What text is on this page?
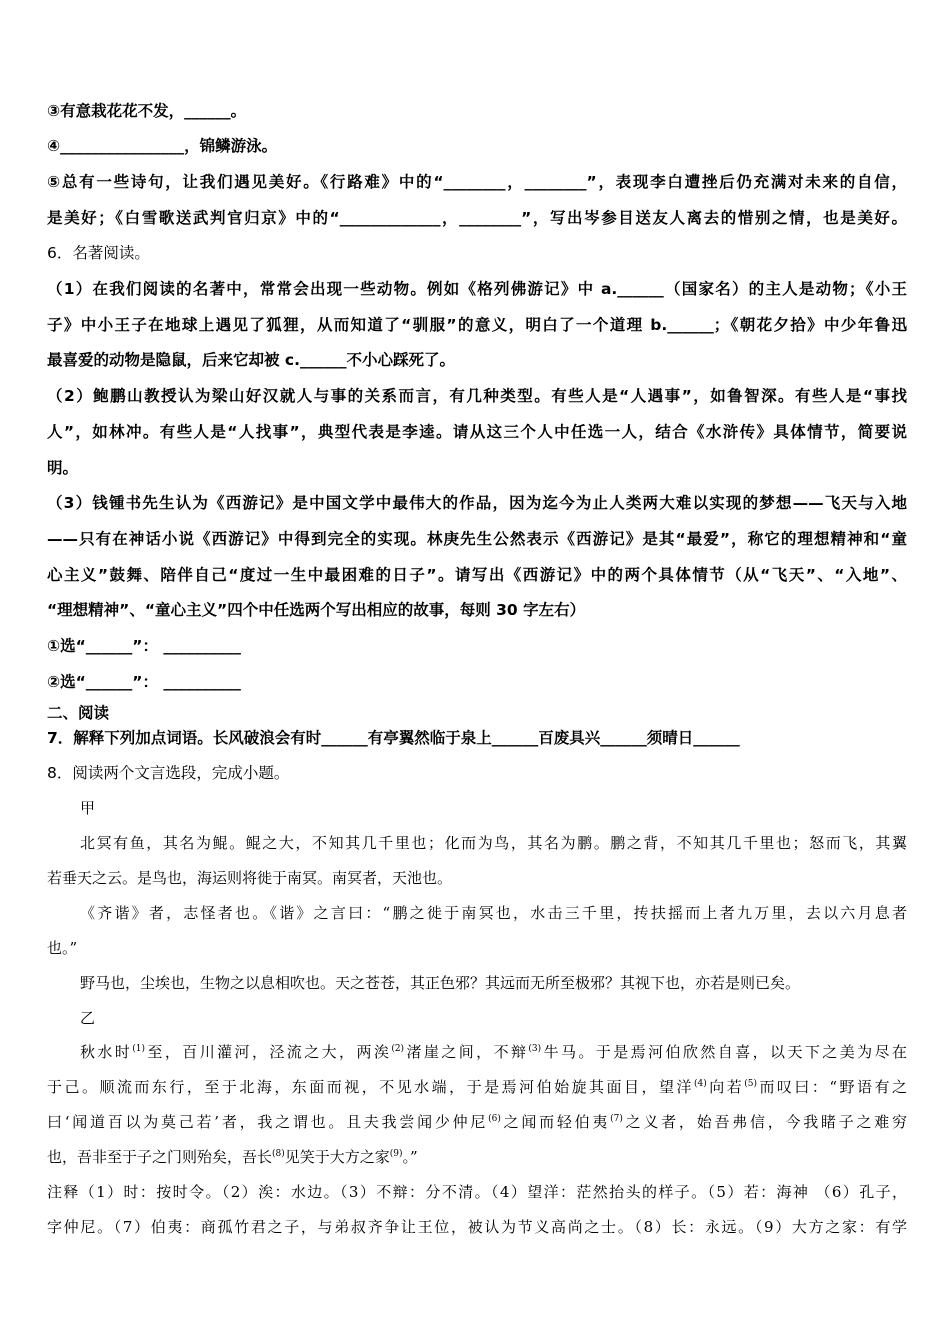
③有意栽花花不发，______。
④________________，锦鳞游泳。
⑤总有一些诗句，让我们遇见美好。《行路难》中的“________，________”，表现李白遭挫后仍充满对未来的自信，
是美好；《白雪歌送武判官归京》中的“_____________，________”，写出岑参目送友人离去的惜别之情，也是美好。
6．名著阅读。
（1）在我们阅读的名著中，常常会出现一些动物。例如《格列佛游记》中 a.______（国家名）的主人是动物；《小王
子》中小王子在地球上遇见了狐狸，从而知道了“驯服”的意义，明白了一个道理 b.______；《朝花夕拾》中少年鲁迅
最喜爱的动物是隐鼠，后来它却被 c.______不小心踩死了。
（2）鲍鹏山教授认为梁山好汉就人与事的关系而言，有几种类型。有些人是“人遇事”，如鲁智深。有些人是“事找
人”，如林冲。有些人是“人找事”，典型代表是李逵。请从这三个人中任选一人，结合《水浒传》具体情节，简要说
明。
（3）钱锺书先生认为《西游记》是中国文学中最伟大的作品，因为迄今为止人类两大难以实现的梦想——飞天与入地
——只有在神话小说《西游记》中得到完全的实现。林庚先生公然表示《西游记》是其“最爱”，称它的理想精神和“童
心主义”鼓舞、陪伴自己“度过一生中最困难的日子”。请写出《西游记》中的两个具体情节（从“飞天”、“入地”、
“理想精神”、“童心主义”四个中任选两个写出相应的故事，每则 30 字左右）
①选“______”： __________
②选“______”： __________
二、阅读
7．解释下列加点词语。长风破浪会有时______有亭翼然临于泉上______百废具兴______须晴日______
8．阅读两个文言选段，完成小题。
甲
北冥有鱼，其名为鲲。鲲之大，不知其几千里也；化而为鸟，其名为鹏。鹏之背，不知其几千里也；怒而飞，其翼
若垂天之云。是鸟也，海运则将徙于南冥。南冥者，天池也。
《齐谐》者，志怪者也。《谐》之言曰：“鹏之徙于南冥也，水击三千里，抟扶摇而上者九万里，去以六月息者
也。”
野马也，尘埃也，生物之以息相吹也。天之苍苍，其正色邪？其远而无所至极邪？其视下也，亦若是则已矣。
乙
秋水时$^{(1)}$至，百川灌河，泾流之大，两涘$^{(2)}$渚崖之间，不辩$^{(3)}$牛马。于是焉河伯欣然自喜，以天下之美为尽在
于己。顺流而东行，至于北海，东面而视，不见水端，于是焉河伯始旋其面目，望洋$^{(4)}$向若$^{(5)}$而叹曰：“野语有之
曰‘闻道百以为莫己若’者，我之谓也。且夫我尝闻少仲尼$^{(6)}$之闻而轻伯夷$^{(7)}$之义者，始吾弗信，今我睹子之难穷
也，吾非至于子之门则殆矣，吾长$^{(8)}$见笑于大方之家$^{(9)}$。”
注释（1）时：按时令。（2）涘：水边。（3）不辩：分不清。（4）望洋：茫然抬头的样子。（5）若：海神 （6）孔子，
字仲尼。（7）伯夷：商孤竹君之子，与弟叔齐争让王位，被认为节义高尚之士。（8）长：永远。（9）大方之家：有学
